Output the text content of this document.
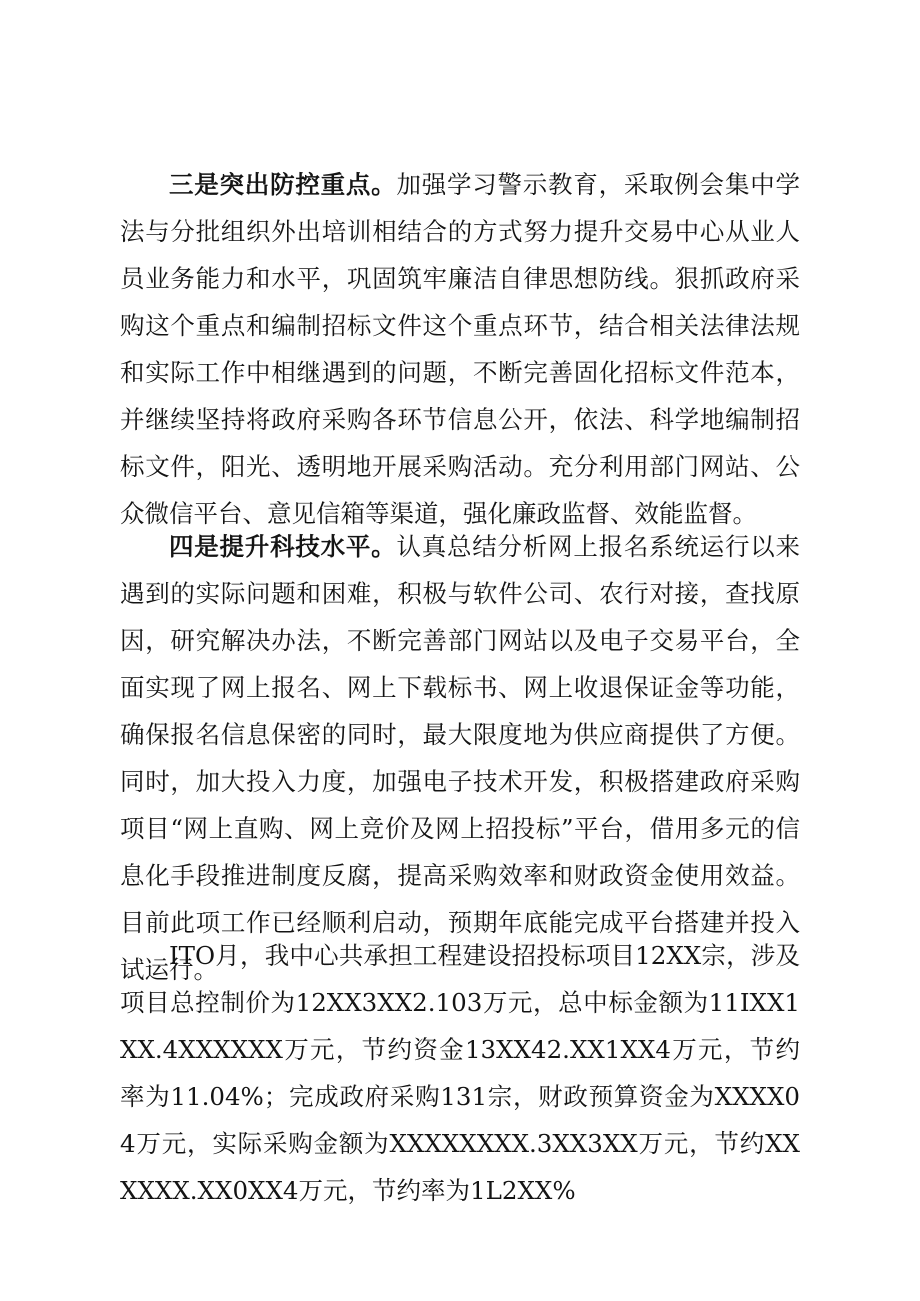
三是突出防控重点。加强学习警示教育，采取例会集中学法与分批组织外出培训相结合的方式努力提升交易中心从业人员业务能力和水平，巩固筑牢廉洁自律思想防线。狠抓政府采购这个重点和编制招标文件这个重点环节，结合相关法律法规和实际工作中相继遇到的问题，不断完善固化招标文件范本，并继续坚持将政府采购各环节信息公开，依法、科学地编制招标文件，阳光、透明地开展采购活动。充分利用部门网站、公众微信平台、意见信箱等渠道，强化廉政监督、效能监督。

四是提升科技水平。认真总结分析网上报名系统运行以来遇到的实际问题和困难，积极与软件公司、农行对接，查找原因，研究解决办法，不断完善部门网站以及电子交易平台，全面实现了网上报名、网上下载标书、网上收退保证金等功能，确保报名信息保密的同时，最大限度地为供应商提供了方便。同时，加大投入力度，加强电子技术开发，积极搭建政府采购项目“网上直购、网上竞价及网上招投标”平台，借用多元的信息化手段推进制度反腐，提高采购效率和财政资金使用效益。目前此项工作已经顺利启动，预期年底能完成平台搭建并投入试运行。

ITO月，我中心共承担工程建设招投标项目12XX宗，涉及项目总控制价为12XX3XX2.103万元，总中标金额为11IXX1XX.4XXXXXX万元，节约资金13XX42.XX1XX4万元，节约率为11.04%；完成政府采购131宗，财政预算资金为XXXX04万元，实际采购金额为XXXXXXXX.3XX3XX万元，节约XXXXXX.XX0XX4万元，节约率为1L2XX%
